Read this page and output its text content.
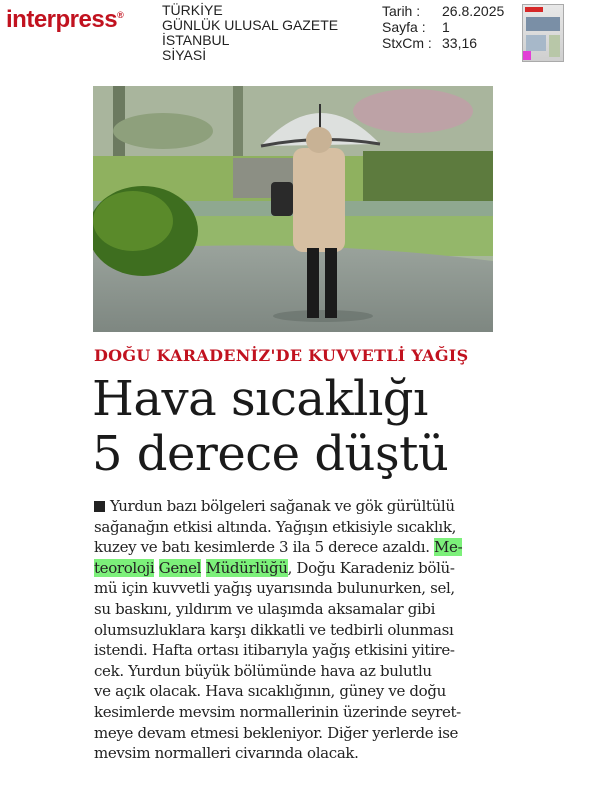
interpress®	TÜRKİYE
GÜNLÜK ULUSAL GAZETE
İSTANBUL
SİYASİ
Tarih :	26.8.2025
Sayfa :	1
StxCm : 33,16
DOĞU KARADENİZ'DE KUVVETLİ YAĞIŞ
Hava sıcaklığı
5 derece düştü
Yurdun bazı bölgeleri sağanak ve gök gürültülü
sağanağın etkisi altında. Yağışın etkisiyle sıcaklık,
kuzey ve batı kesimlerde 3 ila 5 derece azaldı. Me-
teoroloji Genel Müdürlüğü, Doğu Karadeniz bölü-
mü için kuvvetli yağış uyarısında bulunurken, sel,
su baskını, yıldırım ve ulaşımda aksamalar gibi
olumsuzluklara karşı dikkatli ve tedbirli olunması
istendi. Hafta ortası itibarıyla yağış etkisini yitire-
cek. Yurdun büyük bölümünde hava az bulutlu
ve açık olacak. Hava sıcaklığının, güney ve doğu
kesimlerde mevsim normallerinin üzerinde seyret-
meye devam etmesi bekleniyor. Diğer yerlerde ise
mevsim normalleri civarında olacak.
